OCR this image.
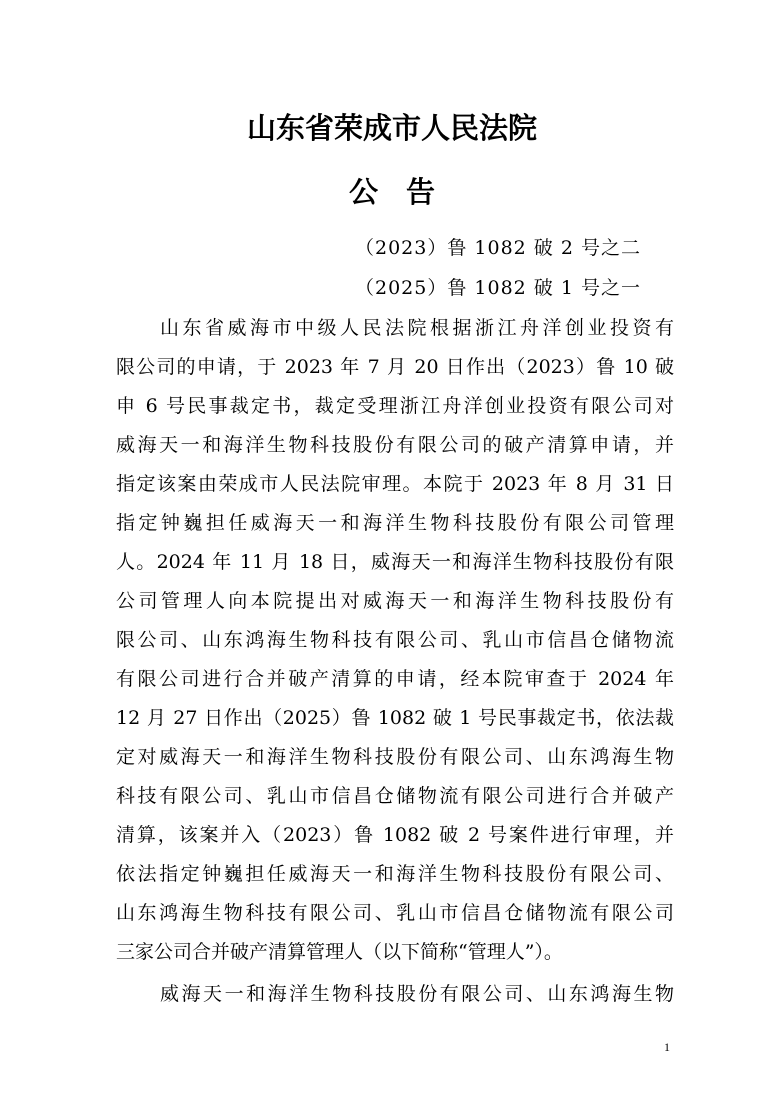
山东省荣成市人民法院
公告
（2023）鲁 1082 破 2 号之二
（2025）鲁 1082 破 1 号之一
山东省威海市中级人民法院根据浙江舟洋创业投资有
限公司的申请，于 2023 年 7 月 20 日作出（2023）鲁 10 破
申 6 号民事裁定书，裁定受理浙江舟洋创业投资有限公司对
威海天一和海洋生物科技股份有限公司的破产清算申请，并
指定该案由荣成市人民法院审理。本院于 2023 年 8 月 31 日
指定钟巍担任威海天一和海洋生物科技股份有限公司管理
人。2024 年 11 月 18 日，威海天一和海洋生物科技股份有限
公司管理人向本院提出对威海天一和海洋生物科技股份有
限公司、山东鸿海生物科技有限公司、乳山市信昌仓储物流
有限公司进行合并破产清算的申请，经本院审查于 2024 年
12 月 27 日作出（2025）鲁 1082 破 1 号民事裁定书，依法裁
定对威海天一和海洋生物科技股份有限公司、山东鸿海生物
科技有限公司、乳山市信昌仓储物流有限公司进行合并破产
清算，该案并入（2023）鲁 1082 破 2 号案件进行审理，并
依法指定钟巍担任威海天一和海洋生物科技股份有限公司、
山东鸿海生物科技有限公司、乳山市信昌仓储物流有限公司
三家公司合并破产清算管理人（以下简称“管理人”）。
威海天一和海洋生物科技股份有限公司、山东鸿海生物
1
